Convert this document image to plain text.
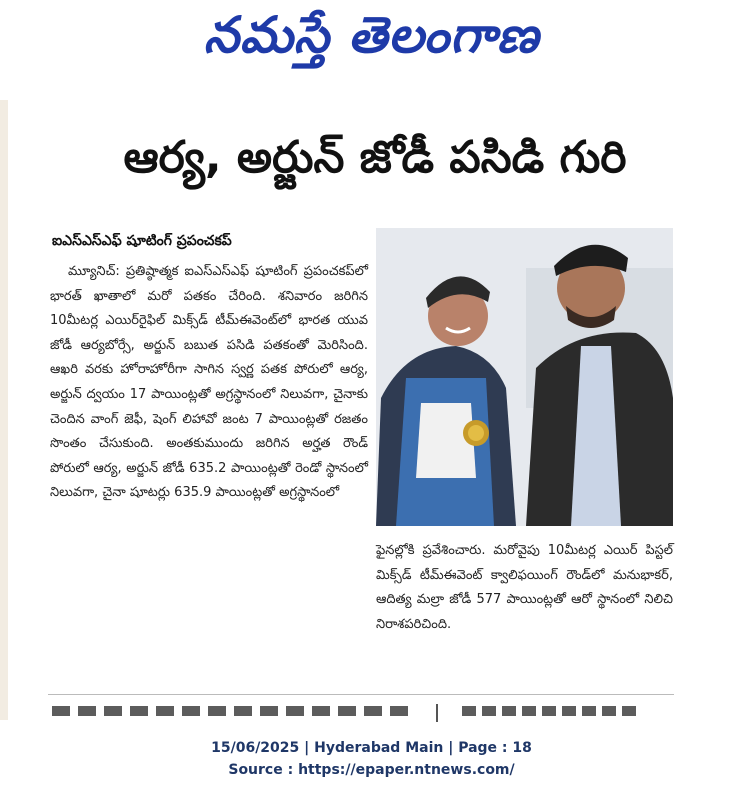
నమస్తే తెలంగాణ
ఆర్య, అర్జున్ జోడీ పసిడి గురి
ఐఎస్ఎస్ఎఫ్ షూటింగ్ ప్రపంచకప్

మ్యూనిచ్: ప్రతిష్ఠాత్మక ఐఎస్ఎస్ఎఫ్ షూటింగ్ ప్రపంచకప్‌లో భారత్ ఖాతాలో మరో పతకం చేరింది. శనివారం జరిగిన 10మీటర్ల ఎయిర్‌రైఫిల్ మిక్స్‌డ్ టీమ్‌ఈవెంట్‌లో భారత యువ జోడీ ఆర్యబోర్సే, అర్జున్ బబుత పసిడి పతకంతో మెరిసింది. ఆఖరి వరకు హోరాహోరీగా సాగిన స్వర్ణ పతక పోరులో ఆర్య, అర్జున్ ద్వయం 17 పాయింట్లతో అగ్రస్థానంలో నిలువగా, చైనాకు చెందిన వాంగ్ జెఫీ, షెంగ్ లిహావో జంట 7 పాయింట్లతో రజతం సొంతం చేసుకుంది. అంతకుముందు జరిగిన అర్హత రౌండ్ పోరులో ఆర్య, అర్జున్ జోడీ 635.2 పాయింట్లతో రెండో స్థానంలో నిలువగా, చైనా షూటర్లు 635.9 పాయింట్లతో అగ్రస్థానంలో

ఫైనల్లోకి ప్రవేశించారు. మరోవైపు 10మీటర్ల ఎయిర్ పిస్టల్ మిక్స్‌డ్ టీమ్‌ఈవెంట్ క్వాలిఫయింగ్ రౌండ్‌లో మనుభాకర్, ఆదిత్య మల్రా జోడీ 577 పాయింట్లతో ఆరో స్థానంలో నిలిచి నిరాశపరిచింది.

15/06/2025 | Hyderabad Main | Page : 18
Source : https://epaper.ntnews.com/
